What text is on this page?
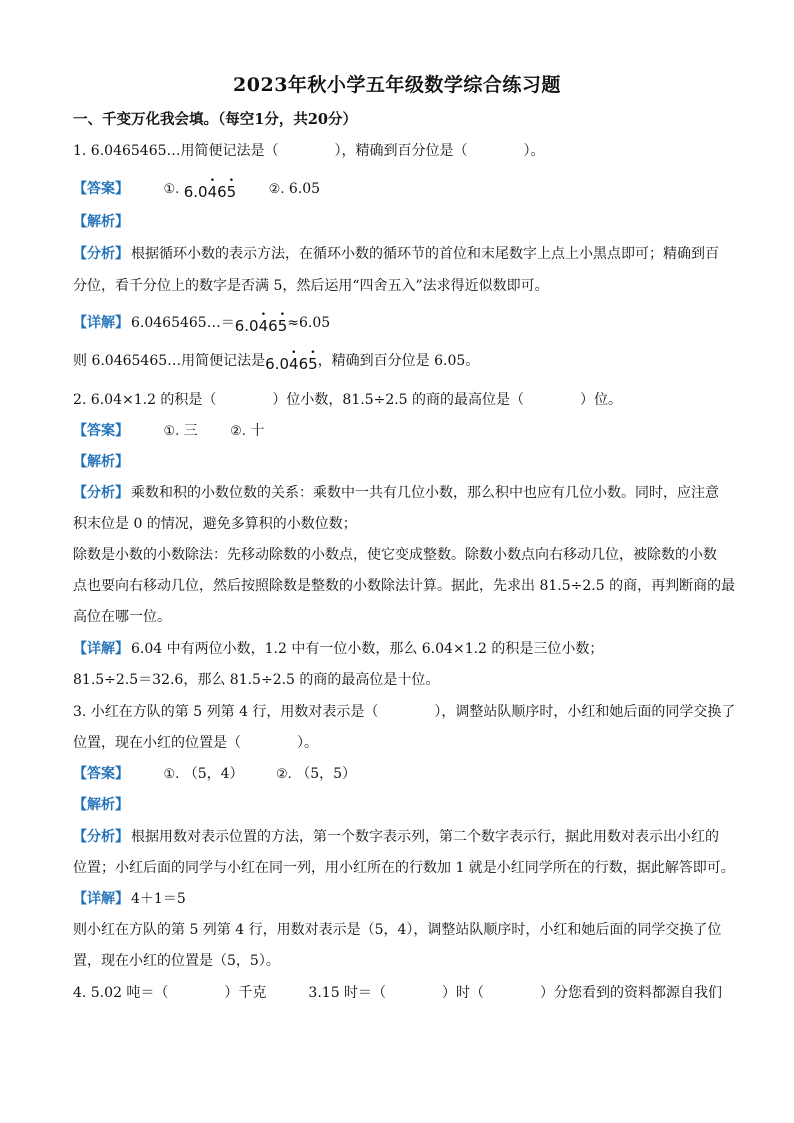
2023年秋小学五年级数学综合练习题
一、千变万化我会填。（每空1分，共20分）
1. 6.0465465…用简便记法是（　　　　），精确到百分位是（　　　　）。
【答案】	①. 6.04 •65 • ②. 6.05
【解析】
【分析】 根据循环小数的表示方法，在循环小数的循环节的首位和末尾数字上点上小黑点即可；精确到百
分位，看千分位上的数字是否满 5，然后运用“四舍五入”法求得近似数即可。
【详解】 6.0465465…＝6.04 •65 •≈6.05
则 6.0465465…用简便记法是6.04 •65 •，精确到百分位是 6.05。
2. 6.04×1.2 的积是（　　　　）位小数，81.5÷2.5 的商的最高位是（　　　　）位。
【答案】	①. 三 ②. 十
【解析】
【分析】 乘数和积的小数位数的关系：乘数中一共有几位小数，那么积中也应有几位小数。同时，应注意
积末位是 0 的情况，避免多算积的小数位数；
除数是小数的小数除法：先移动除数的小数点，使它变成整数。除数小数点向右移动几位，被除数的小数
点也要向右移动几位，然后按照除数是整数的小数除法计算。据此，先求出 81.5÷2.5 的商，再判断商的最
高位在哪一位。
【详解】 6.04 中有两位小数，1.2 中有一位小数，那么 6.04×1.2 的积是三位小数；
81.5÷2.5＝32.6，那么 81.5÷2.5 的商的最高位是十位。
3. 小红在方队的第 5 列第 4 行，用数对表示是（　　　　），调整站队顺序时，小红和她后面的同学交换了
位置，现在小红的位置是（　　　　）。
【答案】	①. （5，4） ②. （5，5）
【解析】
【分析】 根据用数对表示位置的方法，第一个数字表示列，第二个数字表示行，据此用数对表示出小红的
位置；小红后面的同学与小红在同一列，用小红所在的行数加 1 就是小红同学所在的行数，据此解答即可。
【详解】 4＋1＝5
则小红在方队的第 5 列第 4 行，用数对表示是（5，4），调整站队顺序时，小红和她后面的同学交换了位
置，现在小红的位置是（5，5）。
4. 5.02 吨＝（　　　　）千克　　　3.15 时＝（　　　　）时（　　　　）分您看到的资料都源自我们
